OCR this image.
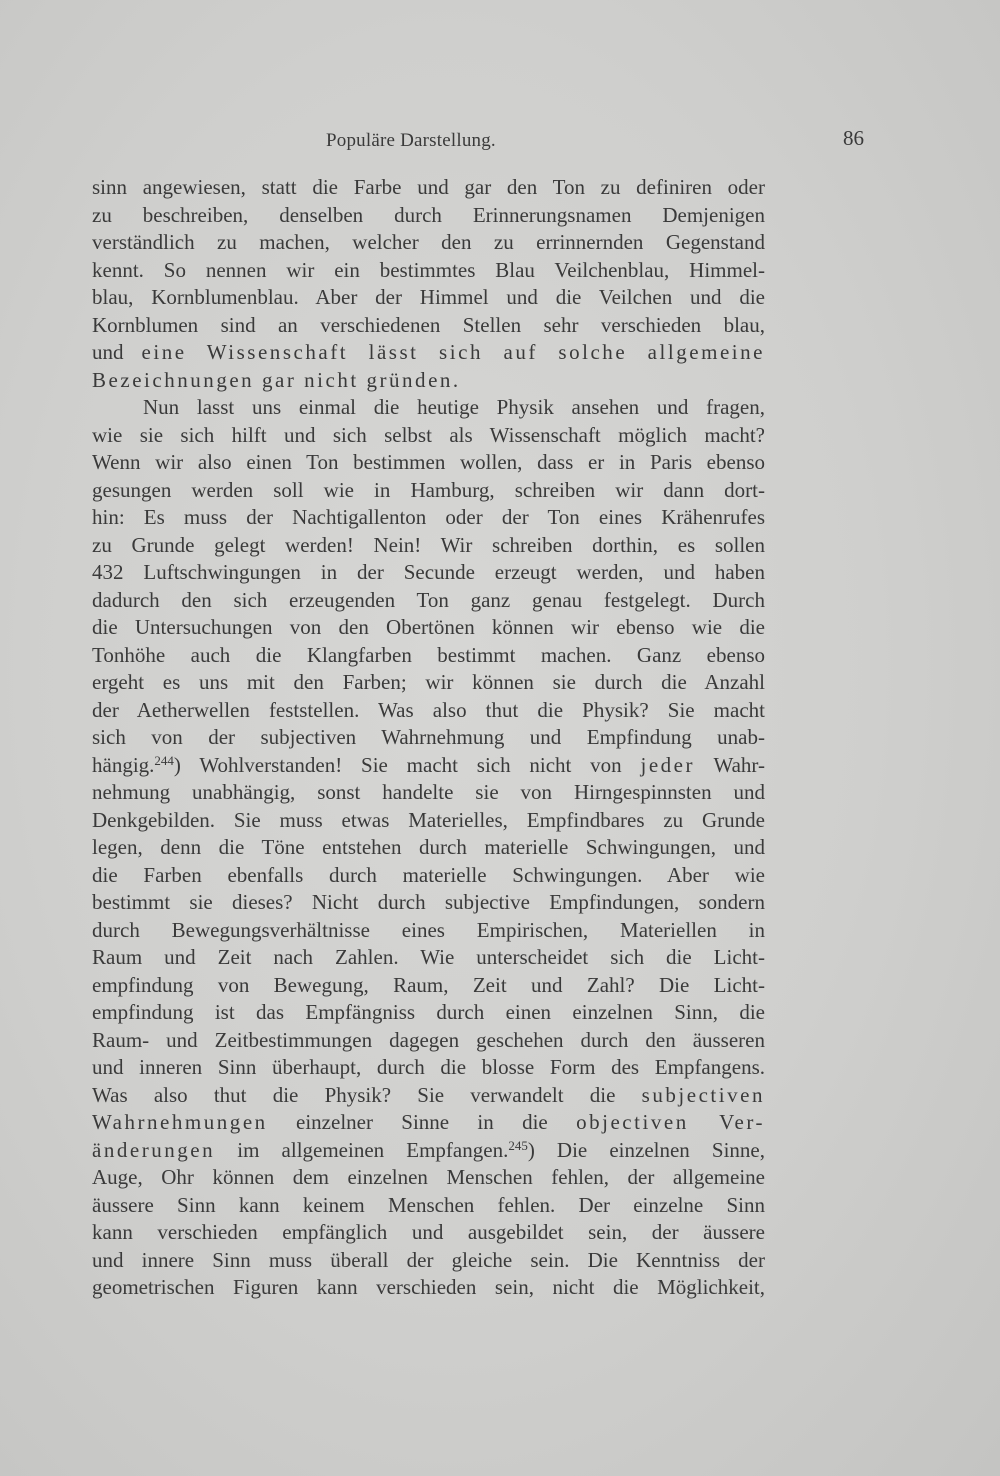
Populäre Darstellung.	86
sinn angewiesen, statt die Farbe und gar den Ton zu definiren oder
zu beschreiben, denselben durch Erinnerungsnamen Demjenigen
verständlich zu machen, welcher den zu errinnernden Gegenstand
kennt. So nennen wir ein bestimmtes Blau Veilchenblau, Himmel-
blau, Kornblumenblau. Aber der Himmel und die Veilchen und die
Kornblumen sind an verschiedenen Stellen sehr verschieden blau,
und eine Wissenschaft lässt sich auf solche allgemeine
Bezeichnungen gar nicht gründen.
Nun lasst uns einmal die heutige Physik ansehen und fragen,
wie sie sich hilft und sich selbst als Wissenschaft möglich macht?
Wenn wir also einen Ton bestimmen wollen, dass er in Paris ebenso
gesungen werden soll wie in Hamburg, schreiben wir dann dort-
hin: Es muss der Nachtigallenton oder der Ton eines Krähenrufes
zu Grunde gelegt werden! Nein! Wir schreiben dorthin, es sollen
432 Luftschwingungen in der Secunde erzeugt werden, und haben
dadurch den sich erzeugenden Ton ganz genau festgelegt. Durch
die Untersuchungen von den Obertönen können wir ebenso wie die
Tonhöhe auch die Klangfarben bestimmt machen. Ganz ebenso
ergeht es uns mit den Farben; wir können sie durch die Anzahl
der Aetherwellen feststellen. Was also thut die Physik? Sie macht
sich von der subjectiven Wahrnehmung und Empfindung unab-
hängig.$^{244}$) Wohlverstanden! Sie macht sich nicht von jeder Wahr-
nehmung unabhängig, sonst handelte sie von Hirngespinnsten und
Denkgebilden. Sie muss etwas Materielles, Empfindbares zu Grunde
legen, denn die Töne entstehen durch materielle Schwingungen, und
die Farben ebenfalls durch materielle Schwingungen. Aber wie
bestimmt sie dieses? Nicht durch subjective Empfindungen, sondern
durch Bewegungsverhältnisse eines Empirischen, Materiellen in
Raum und Zeit nach Zahlen. Wie unterscheidet sich die Licht-
empfindung von Bewegung, Raum, Zeit und Zahl? Die Licht-
empfindung ist das Empfängniss durch einen einzelnen Sinn, die
Raum- und Zeitbestimmungen dagegen geschehen durch den äusseren
und inneren Sinn überhaupt, durch die blosse Form des Empfangens.
Was also thut die Physik? Sie verwandelt die subjectiven
Wahrnehmungen einzelner Sinne in die objectiven Ver-
änderungen im allgemeinen Empfangen.$^{245}$) Die einzelnen Sinne,
Auge, Ohr können dem einzelnen Menschen fehlen, der allgemeine
äussere Sinn kann keinem Menschen fehlen. Der einzelne Sinn
kann verschieden empfänglich und ausgebildet sein, der äussere
und innere Sinn muss überall der gleiche sein. Die Kenntniss der
geometrischen Figuren kann verschieden sein, nicht die Möglichkeit,
